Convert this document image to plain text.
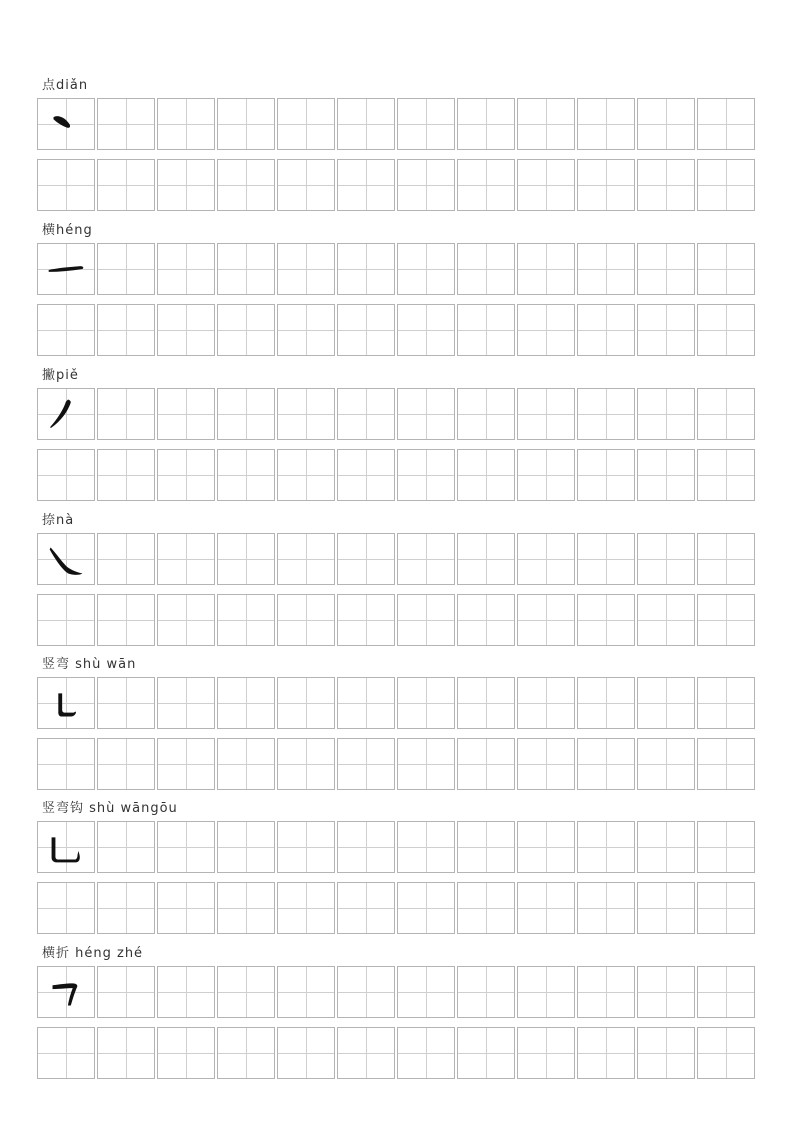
点diǎn
横héng
撇piě
捺nà
竖弯 shù wān
竖弯钩 shù wāngōu
横折 héng zhé
